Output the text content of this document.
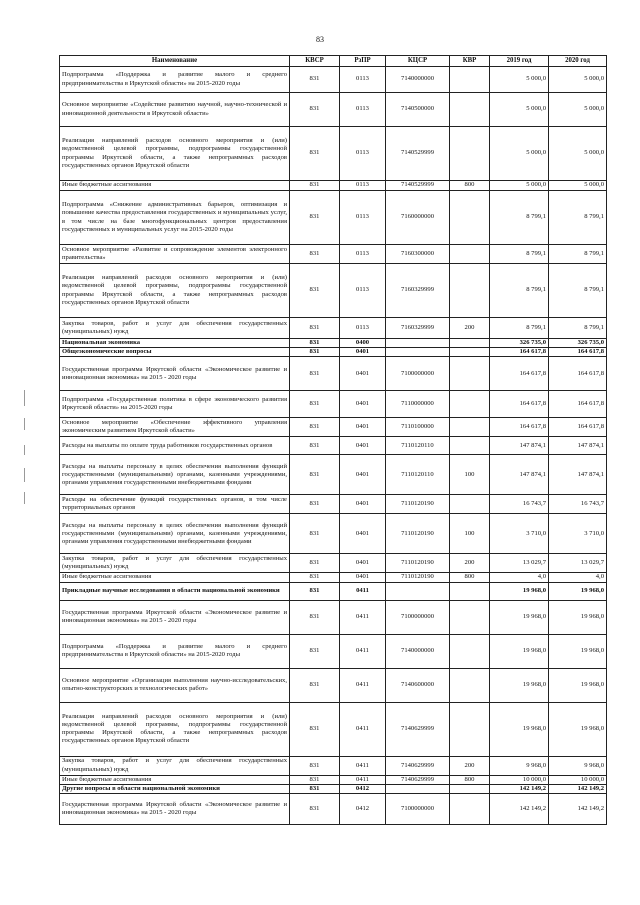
83
Наименование	КВСР	РзПР	КЦСР	КВР	2019 год	2020 год
Подпрограмма «Поддержка и развитие малого и среднего предпринимательства в Иркутской области» на 2015-2020 годы	831	0113	7140000000		5 000,0	5 000,0
Основное мероприятие «Содействие развитию научной, научно-технической и инновационной деятельности в Иркутской области»	831	0113	7140500000		5 000,0	5 000,0
Реализация направлений расходов основного мероприятия и (или) ведомственной целевой программы, подпрограммы государственной программы Иркутской области, а также непрограммных расходов государственных органов Иркутской области	831	0113	7140529999		5 000,0	5 000,0
Иные бюджетные ассигнования	831	0113	7140529999	800	5 000,0	5 000,0
Подпрограмма «Снижение административных барьеров, оптимизация и повышение качества предоставления государственных и муниципальных услуг, в том числе на базе многофункциональных центров предоставления государственных и муниципальных услуг на 2015-2020 годы	831	0113	7160000000		8 799,1	8 799,1
Основное мероприятие «Развитие и сопровождение элементов электронного правительства»	831	0113	7160300000		8 799,1	8 799,1
Реализация направлений расходов основного мероприятия и (или) ведомственной целевой программы, подпрограммы государственной программы Иркутской области, а также непрограммных расходов государственных органов Иркутской области	831	0113	7160329999		8 799,1	8 799,1
Закупка товаров, работ и услуг для обеспечения государственных (муниципальных) нужд	831	0113	7160329999	200	8 799,1	8 799,1
Национальная экономика	831	0400			326 735,0	326 735,0
Общеэкономические вопросы	831	0401			164 617,8	164 617,8
Государственная программа Иркутской области «Экономическое развитие и инновационная экономика» на 2015 - 2020 годы	831	0401	7100000000		164 617,8	164 617,8
Подпрограмма «Государственная политика в сфере экономического развития Иркутской области» на 2015-2020 годы	831	0401	7110000000		164 617,8	164 617,8
Основное мероприятие «Обеспечение эффективного управления экономическим развитием Иркутской области»	831	0401	7110100000		164 617,8	164 617,8
Расходы на выплаты по оплате труда работников государственных органов	831	0401	7110120110		147 874,1	147 874,1
Расходы на выплаты персоналу в целях обеспечения выполнения функций государственными (муниципальными) органами, казенными учреждениями, органами управления государственными внебюджетными фондами	831	0401	7110120110	100	147 874,1	147 874,1
Расходы на обеспечение функций государственных органов, в том числе территориальных органов	831	0401	7110120190		16 743,7	16 743,7
Расходы на выплаты персоналу в целях обеспечения выполнения функций государственными (муниципальными) органами, казенными учреждениями, органами управления государственными внебюджетными фондами	831	0401	7110120190	100	3 710,0	3 710,0
Закупка товаров, работ и услуг для обеспечения государственных (муниципальных) нужд	831	0401	7110120190	200	13 029,7	13 029,7
Иные бюджетные ассигнования	831	0401	7110120190	800	4,0	4,0
Прикладные научные исследования в области национальной экономики	831	0411			19 968,0	19 968,0
Государственная программа Иркутской области «Экономическое развитие и инновационная экономика» на 2015 - 2020 годы	831	0411	7100000000		19 968,0	19 968,0
Подпрограмма «Поддержка и развитие малого и среднего предпринимательства в Иркутской области» на 2015-2020 годы	831	0411	7140000000		19 968,0	19 968,0
Основное мероприятие «Организация выполнения научно-исследовательских, опытно-конструкторских и технологических работ»	831	0411	7140600000		19 968,0	19 968,0
Реализация направлений расходов основного мероприятия и (или) ведомственной целевой программы, подпрограммы государственной программы Иркутской области, а также непрограммных расходов государственных органов Иркутской области	831	0411	7140629999		19 968,0	19 968,0
Закупка товаров, работ и услуг для обеспечения государственных (муниципальных) нужд	831	0411	7140629999	200	9 968,0	9 968,0
Иные бюджетные ассигнования	831	0411	7140629999	800	10 000,0	10 000,0
Другие вопросы в области национальной экономики	831	0412			142 149,2	142 149,2
Государственная программа Иркутской области «Экономическое развитие и инновационная экономика» на 2015 - 2020 годы	831	0412	7100000000		142 149,2	142 149,2
